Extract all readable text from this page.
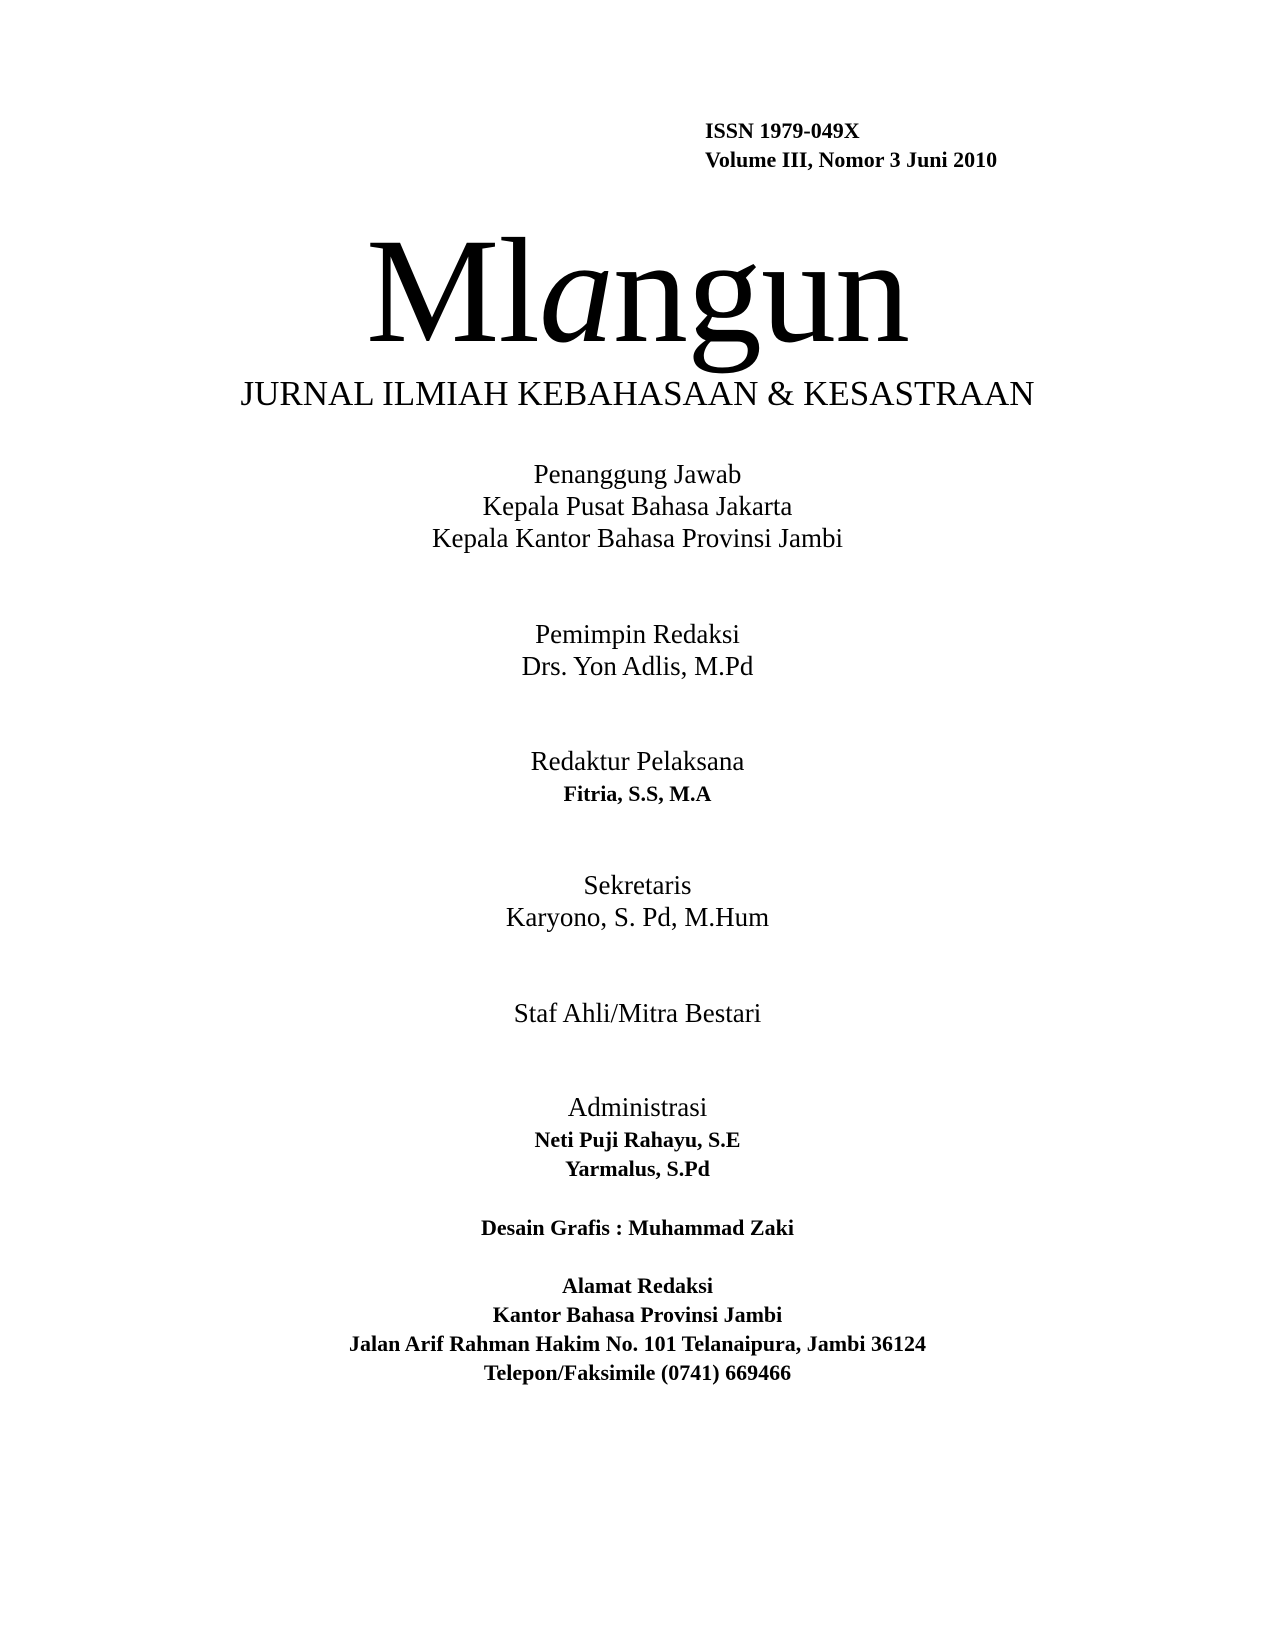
ISSN 1979-049X
Volume III, Nomor 3 Juni 2010
Mlangun
JURNAL ILMIAH KEBAHASAAN & KESASTRAAN
Penanggung Jawab
Kepala Pusat Bahasa Jakarta
Kepala Kantor Bahasa Provinsi Jambi
Pemimpin Redaksi
Drs. Yon Adlis, M.Pd
Redaktur Pelaksana
Fitria, S.S, M.A
Sekretaris
Karyono, S. Pd, M.Hum
Staf Ahli/Mitra Bestari
Administrasi
Neti Puji Rahayu, S.E
Yarmalus, S.Pd
Desain Grafis : Muhammad Zaki
Alamat Redaksi
Kantor Bahasa Provinsi Jambi
Jalan Arif Rahman Hakim No. 101 Telanaipura, Jambi 36124
Telepon/Faksimile (0741) 669466
